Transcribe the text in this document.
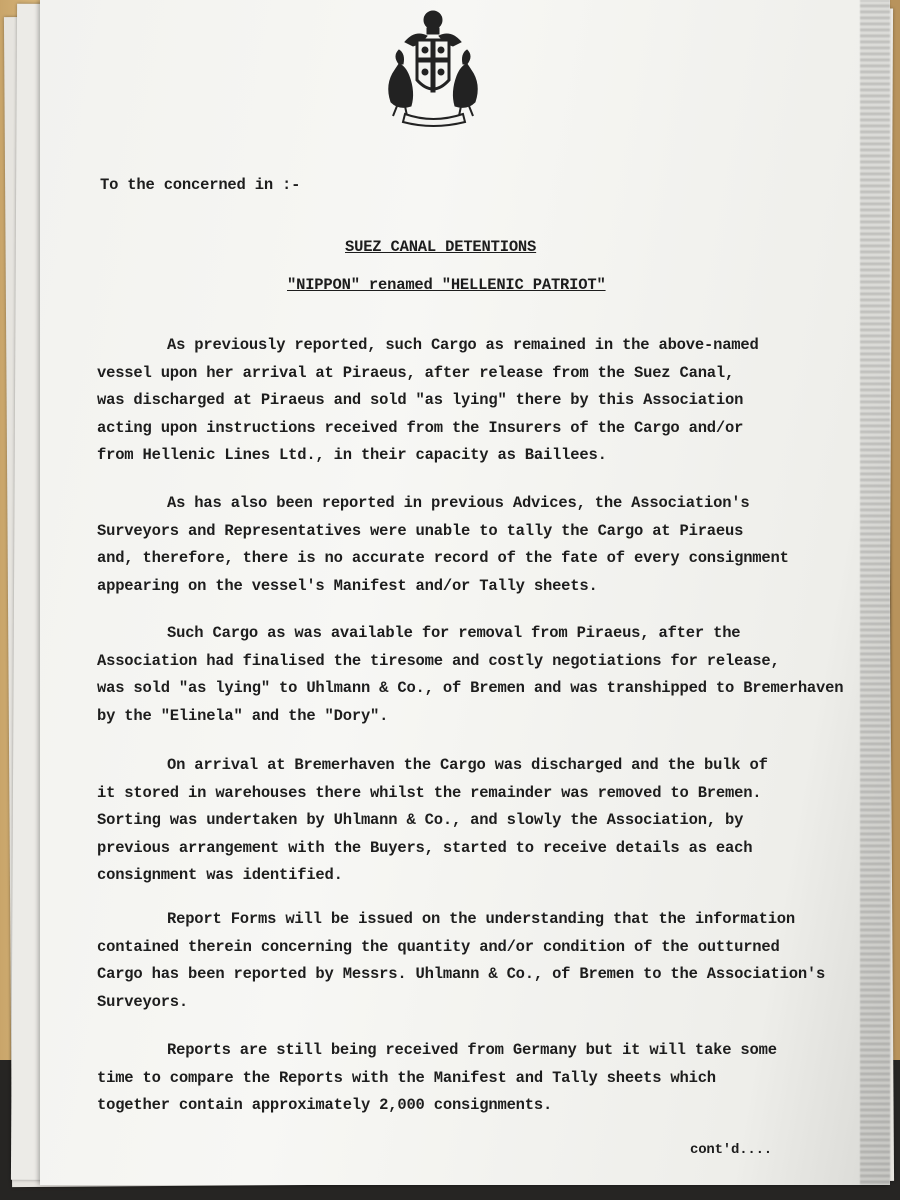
To the concerned in :-
SUEZ CANAL DETENTIONS
"NIPPON" renamed "HELLENIC PATRIOT"
As previously reported, such Cargo as remained in the above-named
vessel upon her arrival at Piraeus, after release from the Suez Canal,
was discharged at Piraeus and sold "as lying" there by this Association
acting upon instructions received from the Insurers of the Cargo and/or
from Hellenic Lines Ltd., in their capacity as Baillees.
As has also been reported in previous Advices, the Association's
Surveyors and Representatives were unable to tally the Cargo at Piraeus
and, therefore, there is no accurate record of the fate of every consignment
appearing on the vessel's Manifest and/or Tally sheets.
Such Cargo as was available for removal from Piraeus, after the
Association had finalised the tiresome and costly negotiations for release,
was sold "as lying" to Uhlmann & Co., of Bremen and was transhipped to Bremerhaven
by the "Elinela" and the "Dory".
On arrival at Bremerhaven the Cargo was discharged and the bulk of
it stored in warehouses there whilst the remainder was removed to Bremen.
Sorting was undertaken by Uhlmann & Co., and slowly the Association, by
previous arrangement with the Buyers, started to receive details as each
consignment was identified.
Report Forms will be issued on the understanding that the information
contained therein concerning the quantity and/or condition of the outturned
Cargo has been reported by Messrs. Uhlmann & Co., of Bremen to the Association's
Surveyors.
Reports are still being received from Germany but it will take some
time to compare the Reports with the Manifest and Tally sheets which
together contain approximately 2,000 consignments.
cont'd....
